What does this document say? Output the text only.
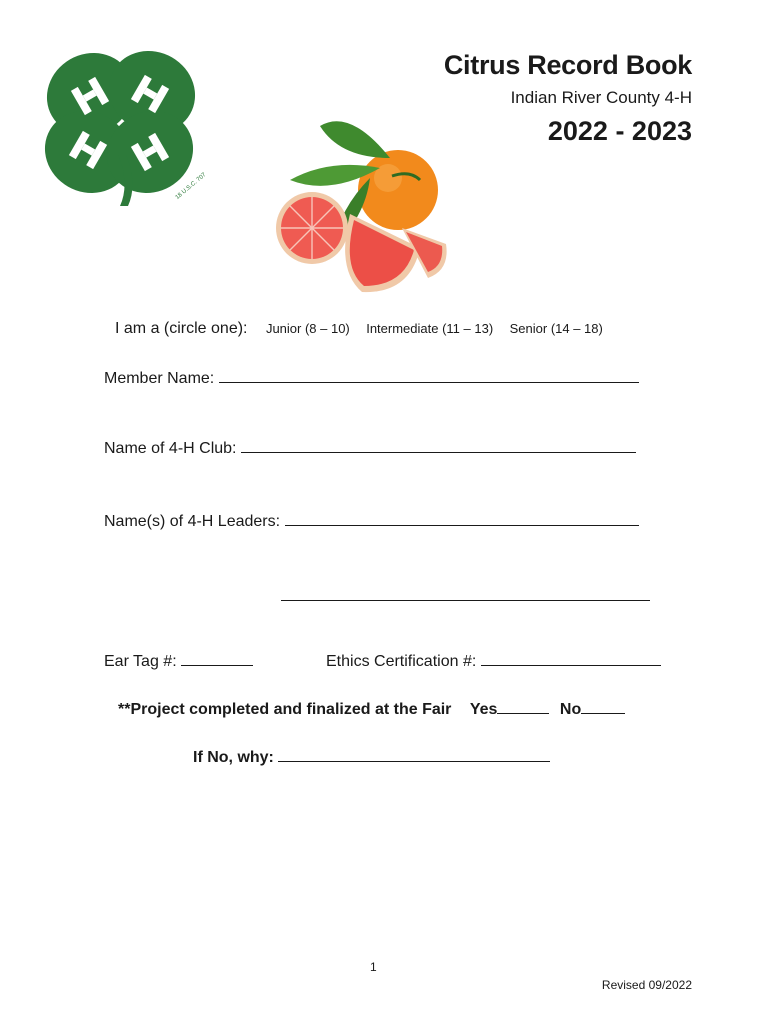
18 U.S.C. 707
Citrus Record Book
Indian River County 4-H
2022 - 2023
I am a (circle one): Junior (8 – 10) Intermediate (11 – 13) Senior (14 – 18)
Member Name:
Name of 4-H Club:
Name(s) of 4-H Leaders:
Ear Tag #:	Ethics Certification #:
**Project completed and finalized at the Fair Yes	No
If No, why:
1
Revised 09/2022
